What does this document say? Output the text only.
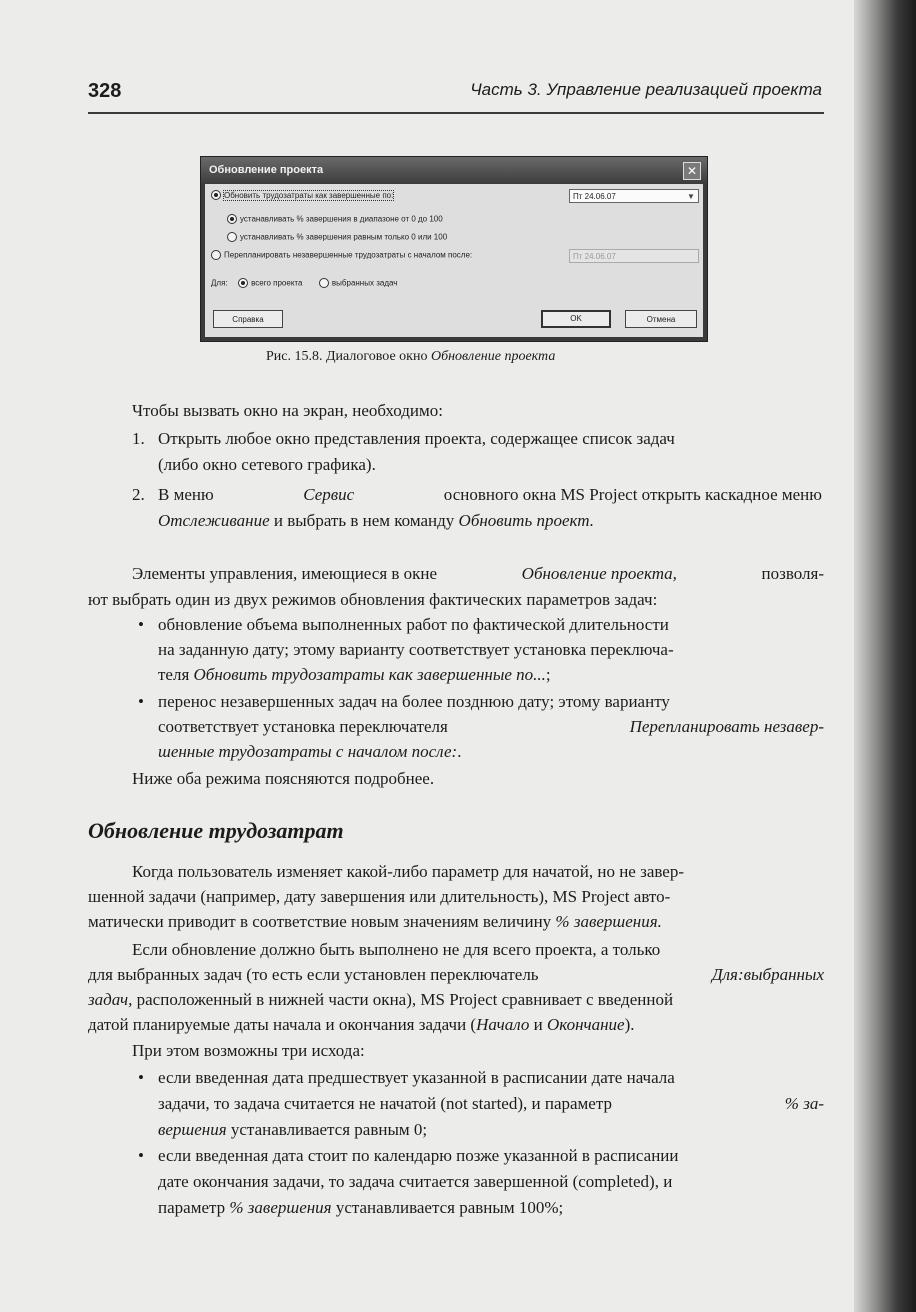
328	Часть 3. Управление реализацией проекта
Обновление проекта	✕
Обновить трудозатраты как завершенные по:	Пт 24.06.07	▼
устанавливать % завершения в диапазоне от 0 до 100
устанавливать % завершения равным только 0 или 100
Перепланировать незавершенные трудозатраты с началом после:	Пт 24.06.07
Для:	всего проекта	выбранных задач
Справка	OK	Отмена
Рис. 15.8. Диалоговое окно Обновление проекта
Чтобы вызвать окно на экран, необходимо:
1. Открыть любое окно представления проекта, содержащее список задач
(либо окно сетевого графика).
2. В меню	Сервис	основного окна MS Project открыть каскадное меню
Отслеживание и выбрать в нем команду Обновить проект.
Элементы управления, имеющиеся в окне	Обновление проекта,	позволя-
ют выбрать один из двух режимов обновления фактических параметров задач:
• обновление объема выполненных работ по фактической длительности
на заданную дату; этому варианту соответствует установка переключа-
теля Обновить трудозатраты как завершенные по...;
• перенос незавершенных задач на более позднюю дату; этому варианту
соответствует установка переключателя	Перепланировать незавер-
шенные трудозатраты с началом после:.
Ниже оба режима поясняются подробнее.
Обновление трудозатрат
Когда пользователь изменяет какой-либо параметр для начатой, но не завер-
шенной задачи (например, дату завершения или длительность), MS Project авто-
матически приводит в соответствие новым значениям величину % завершения.
Если обновление должно быть выполнено не для всего проекта, а только
для выбранных задач (то есть если установлен переключатель	Для:выбранных
задач, расположенный в нижней части окна), MS Project сравнивает с введенной
датой планируемые даты начала и окончания задачи (Начало и Окончание).
При этом возможны три исхода:
• если введенная дата предшествует указанной в расписании дате начала
задачи, то задача считается не начатой (not started), и параметр	% за-
вершения устанавливается равным 0;
• если введенная дата стоит по календарю позже указанной в расписании
дате окончания задачи, то задача считается завершенной (completed), и
параметр % завершения устанавливается равным 100%;
